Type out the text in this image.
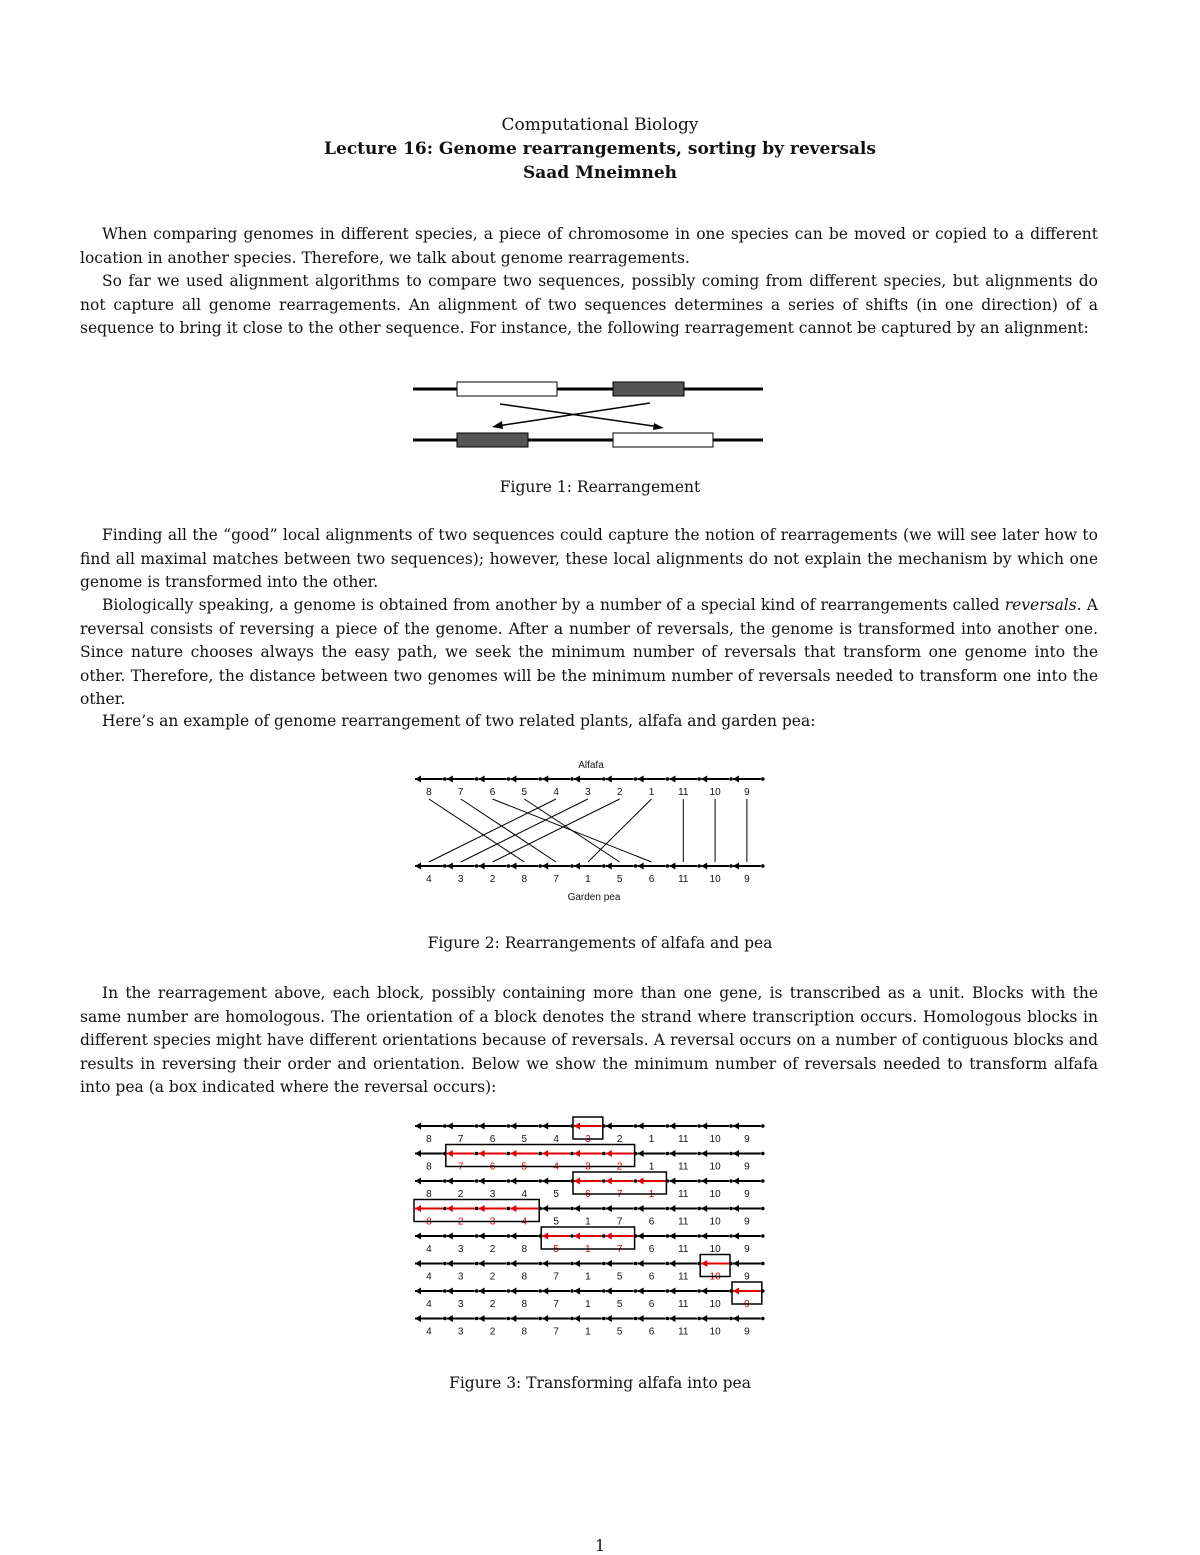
Computational Biology
Lecture 16: Genome rearrangements, sorting by reversals
Saad Mneimneh

When comparing genomes in different species, a piece of chromosome in one species can be moved or copied to a different location in another species. Therefore, we talk about genome rearragements.

So far we used alignment algorithms to compare two sequences, possibly coming from different species, but alignments do not capture all genome rearragements. An alignment of two sequences determines a series of shifts (in one direction) of a sequence to bring it close to the other sequence. For instance, the following rearragement cannot be captured by an alignment:

Figure 1: Rearrangement

Finding all the “good” local alignments of two sequences could capture the notion of rearragements (we will see later how to find all maximal matches between two sequences); however, these local alignments do not explain the mechanism by which one genome is transformed into the other.

Biologically speaking, a genome is obtained from another by a number of a special kind of rearrangements called reversals. A reversal consists of reversing a piece of the genome. After a number of reversals, the genome is transformed into another one. Since nature chooses always the easy path, we seek the minimum number of reversals that transform one genome into the other. Therefore, the distance between two genomes will be the minimum number of reversals needed to transform one into the other.

Here’s an example of genome rearrangement of two related plants, alfafa and garden pea:

Alfafa
Garden pea
8	7	6	5	4	3	2	1 11 10 9
4	3	2	8	7	1	5	6 11 10 9

Figure 2: Rearrangements of alfafa and pea

In the rearragement above, each block, possibly containing more than one gene, is transcribed as a unit. Blocks with the same number are homologous. The orientation of a block denotes the strand where transcription occurs. Homologous blocks in different species might have different orientations because of reversals. A reversal occurs on a number of contiguous blocks and results in reversing their order and orientation. Below we show the minimum number of reversals needed to transform alfafa into pea (a box indicated where the reversal occurs):

8	7	6	5	4	3	2	1 11 10 9
8	7	6	5	4	3	2	1 11 10 9
8	2	3	4	5	6	7	1 11 10 9
8	2	3	4	5	1	7	6 11 10 9
4	3	2	8	5	1	7	6 11 10 9
4	3	2	8	7	1	5	6 11 10 9
4	3	2	8	7	1	5	6 11 10 9
4	3	2	8	7	1	5	6 11 10 9

Figure 3: Transforming alfafa into pea

1
